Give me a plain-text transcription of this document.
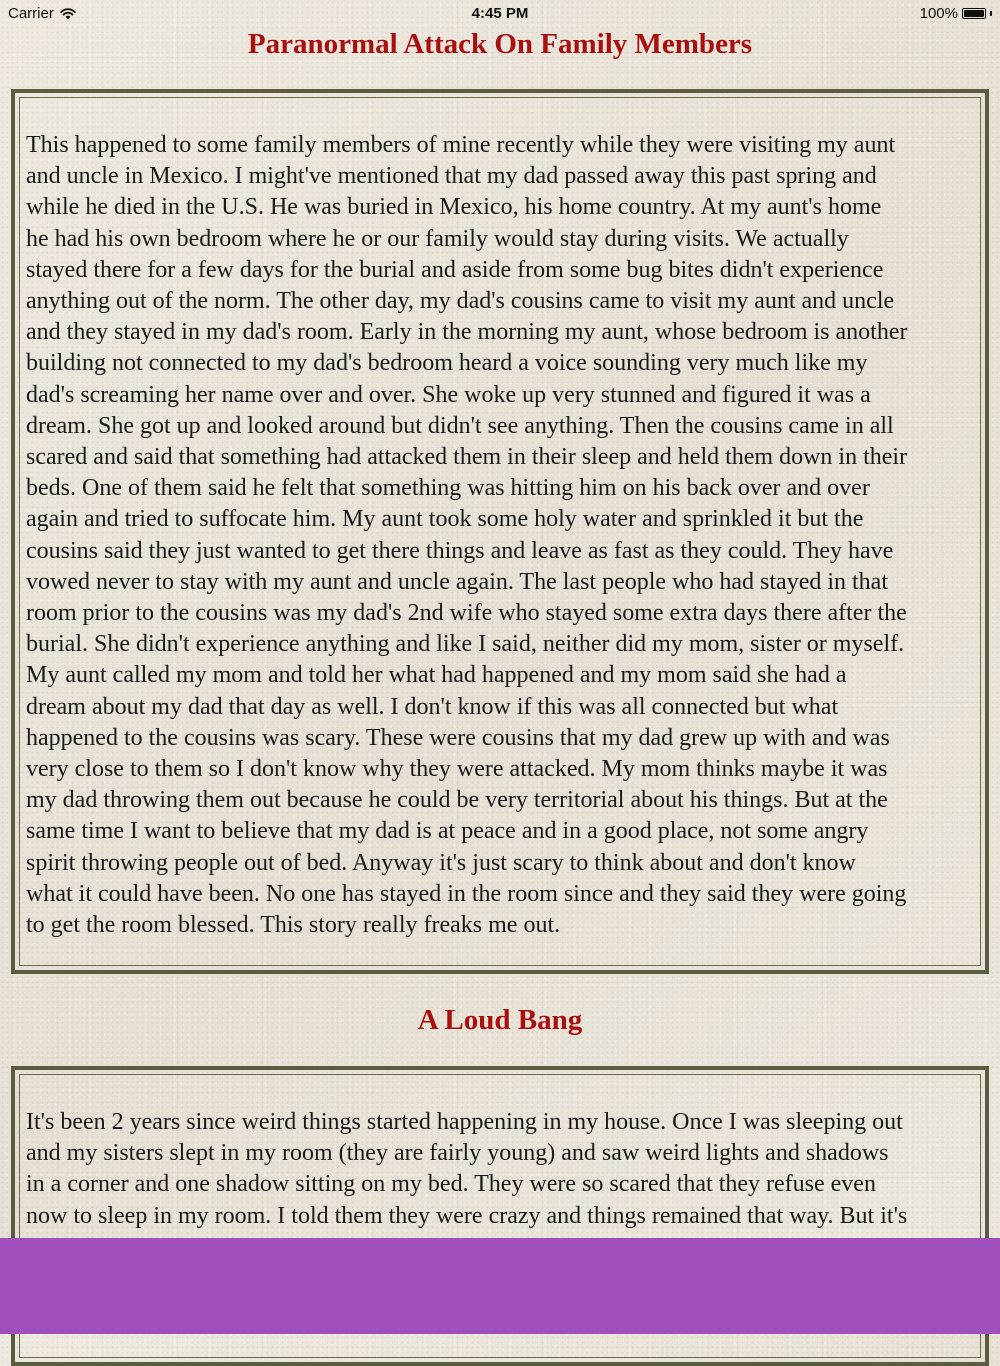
Carrier	4:45 PM	100%
Paranormal Attack On Family Members

This happened to some family members of mine recently while they were visiting my aunt
and uncle in Mexico. I might've mentioned that my dad passed away this past spring and
while he died in the U.S. He was buried in Mexico, his home country. At my aunt's home
he had his own bedroom where he or our family would stay during visits. We actually
stayed there for a few days for the burial and aside from some bug bites didn't experience
anything out of the norm. The other day, my dad's cousins came to visit my aunt and uncle
and they stayed in my dad's room. Early in the morning my aunt, whose bedroom is another
building not connected to my dad's bedroom heard a voice sounding very much like my
dad's screaming her name over and over. She woke up very stunned and figured it was a
dream. She got up and looked around but didn't see anything. Then the cousins came in all
scared and said that something had attacked them in their sleep and held them down in their
beds. One of them said he felt that something was hitting him on his back over and over
again and tried to suffocate him. My aunt took some holy water and sprinkled it but the
cousins said they just wanted to get there things and leave as fast as they could. They have
vowed never to stay with my aunt and uncle again. The last people who had stayed in that
room prior to the cousins was my dad's 2nd wife who stayed some extra days there after the
burial. She didn't experience anything and like I said, neither did my mom, sister or myself.
My aunt called my mom and told her what had happened and my mom said she had a
dream about my dad that day as well. I don't know if this was all connected but what
happened to the cousins was scary. These were cousins that my dad grew up with and was
very close to them so I don't know why they were attacked. My mom thinks maybe it was
my dad throwing them out because he could be very territorial about his things. But at the
same time I want to believe that my dad is at peace and in a good place, not some angry
spirit throwing people out of bed. Anyway it's just scary to think about and don't know
what it could have been. No one has stayed in the room since and they said they were going
to get the room blessed. This story really freaks me out.

A Loud Bang

It's been 2 years since weird things started happening in my house. Once I was sleeping out
and my sisters slept in my room (they are fairly young) and saw weird lights and shadows
in a corner and one shadow sitting on my bed. They were so scared that they refuse even
now to sleep in my room. I told them they were crazy and things remained that way. But it's
